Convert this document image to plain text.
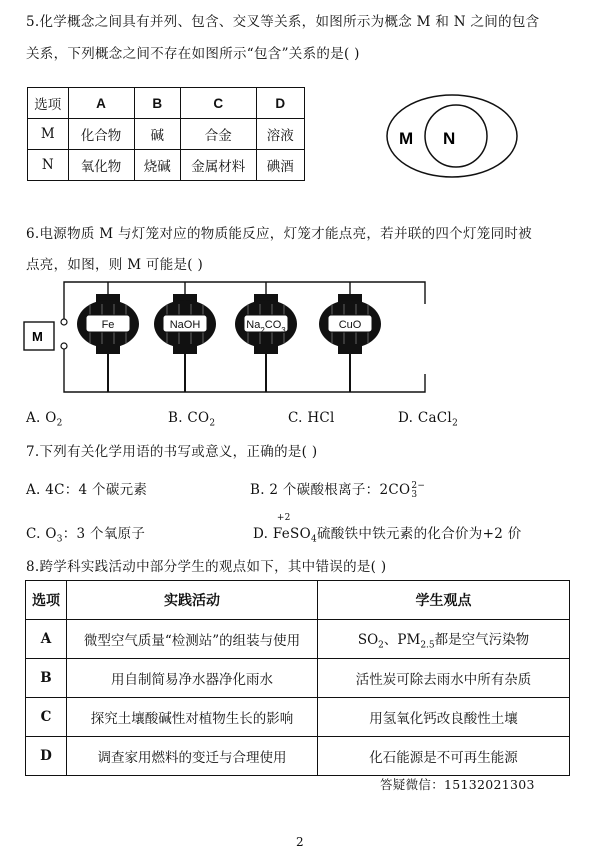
5.化学概念之间具有并列、包含、交叉等关系，如图所示为概念 M 和 N 之间的包含
关系，下列概念之间不存在如图所示“包含”关系的是( )
选项	A	B	C	D
M	化合物	碱	合金	溶液
N	氧化物	烧碱	金属材料	碘酒
M N
6.电源物质 M 与灯笼对应的物质能反应，灯笼才能点亮，若并联的四个灯笼同时被
点亮，如图，则 M 可能是( )
M
Fe	NaOH	$Na_2CO_3$	CuO
A. $O_2$	B. $CO_2$	C. HCl	D. CaCl$_2$
7.下列有关化学用语的书写或意义，正确的是( )
A. 4C：4 个碳元素	B. 2 个碳酸根离子：2CO 2−
3
C. $O_3$：3 个氧原子	D.
+2
FeSO$_4$硫酸铁中铁元素的化合价为+2 价
8.跨学科实践活动中部分学生的观点如下，其中错误的是( )
选项	实践活动	学生观点
A	微型空气质量“检测站”的组装与使用	$SO_2$、$PM_{2.5}$都是空气污染物
B	用自制简易净水器净化雨水	活性炭可除去雨水中所有杂质
C	探究土壤酸碱性对植物生长的影响	用氢氧化钙改良酸性土壤
D	调查家用燃料的变迁与合理使用	化石能源是不可再生能源
答疑微信：15132021303
2
